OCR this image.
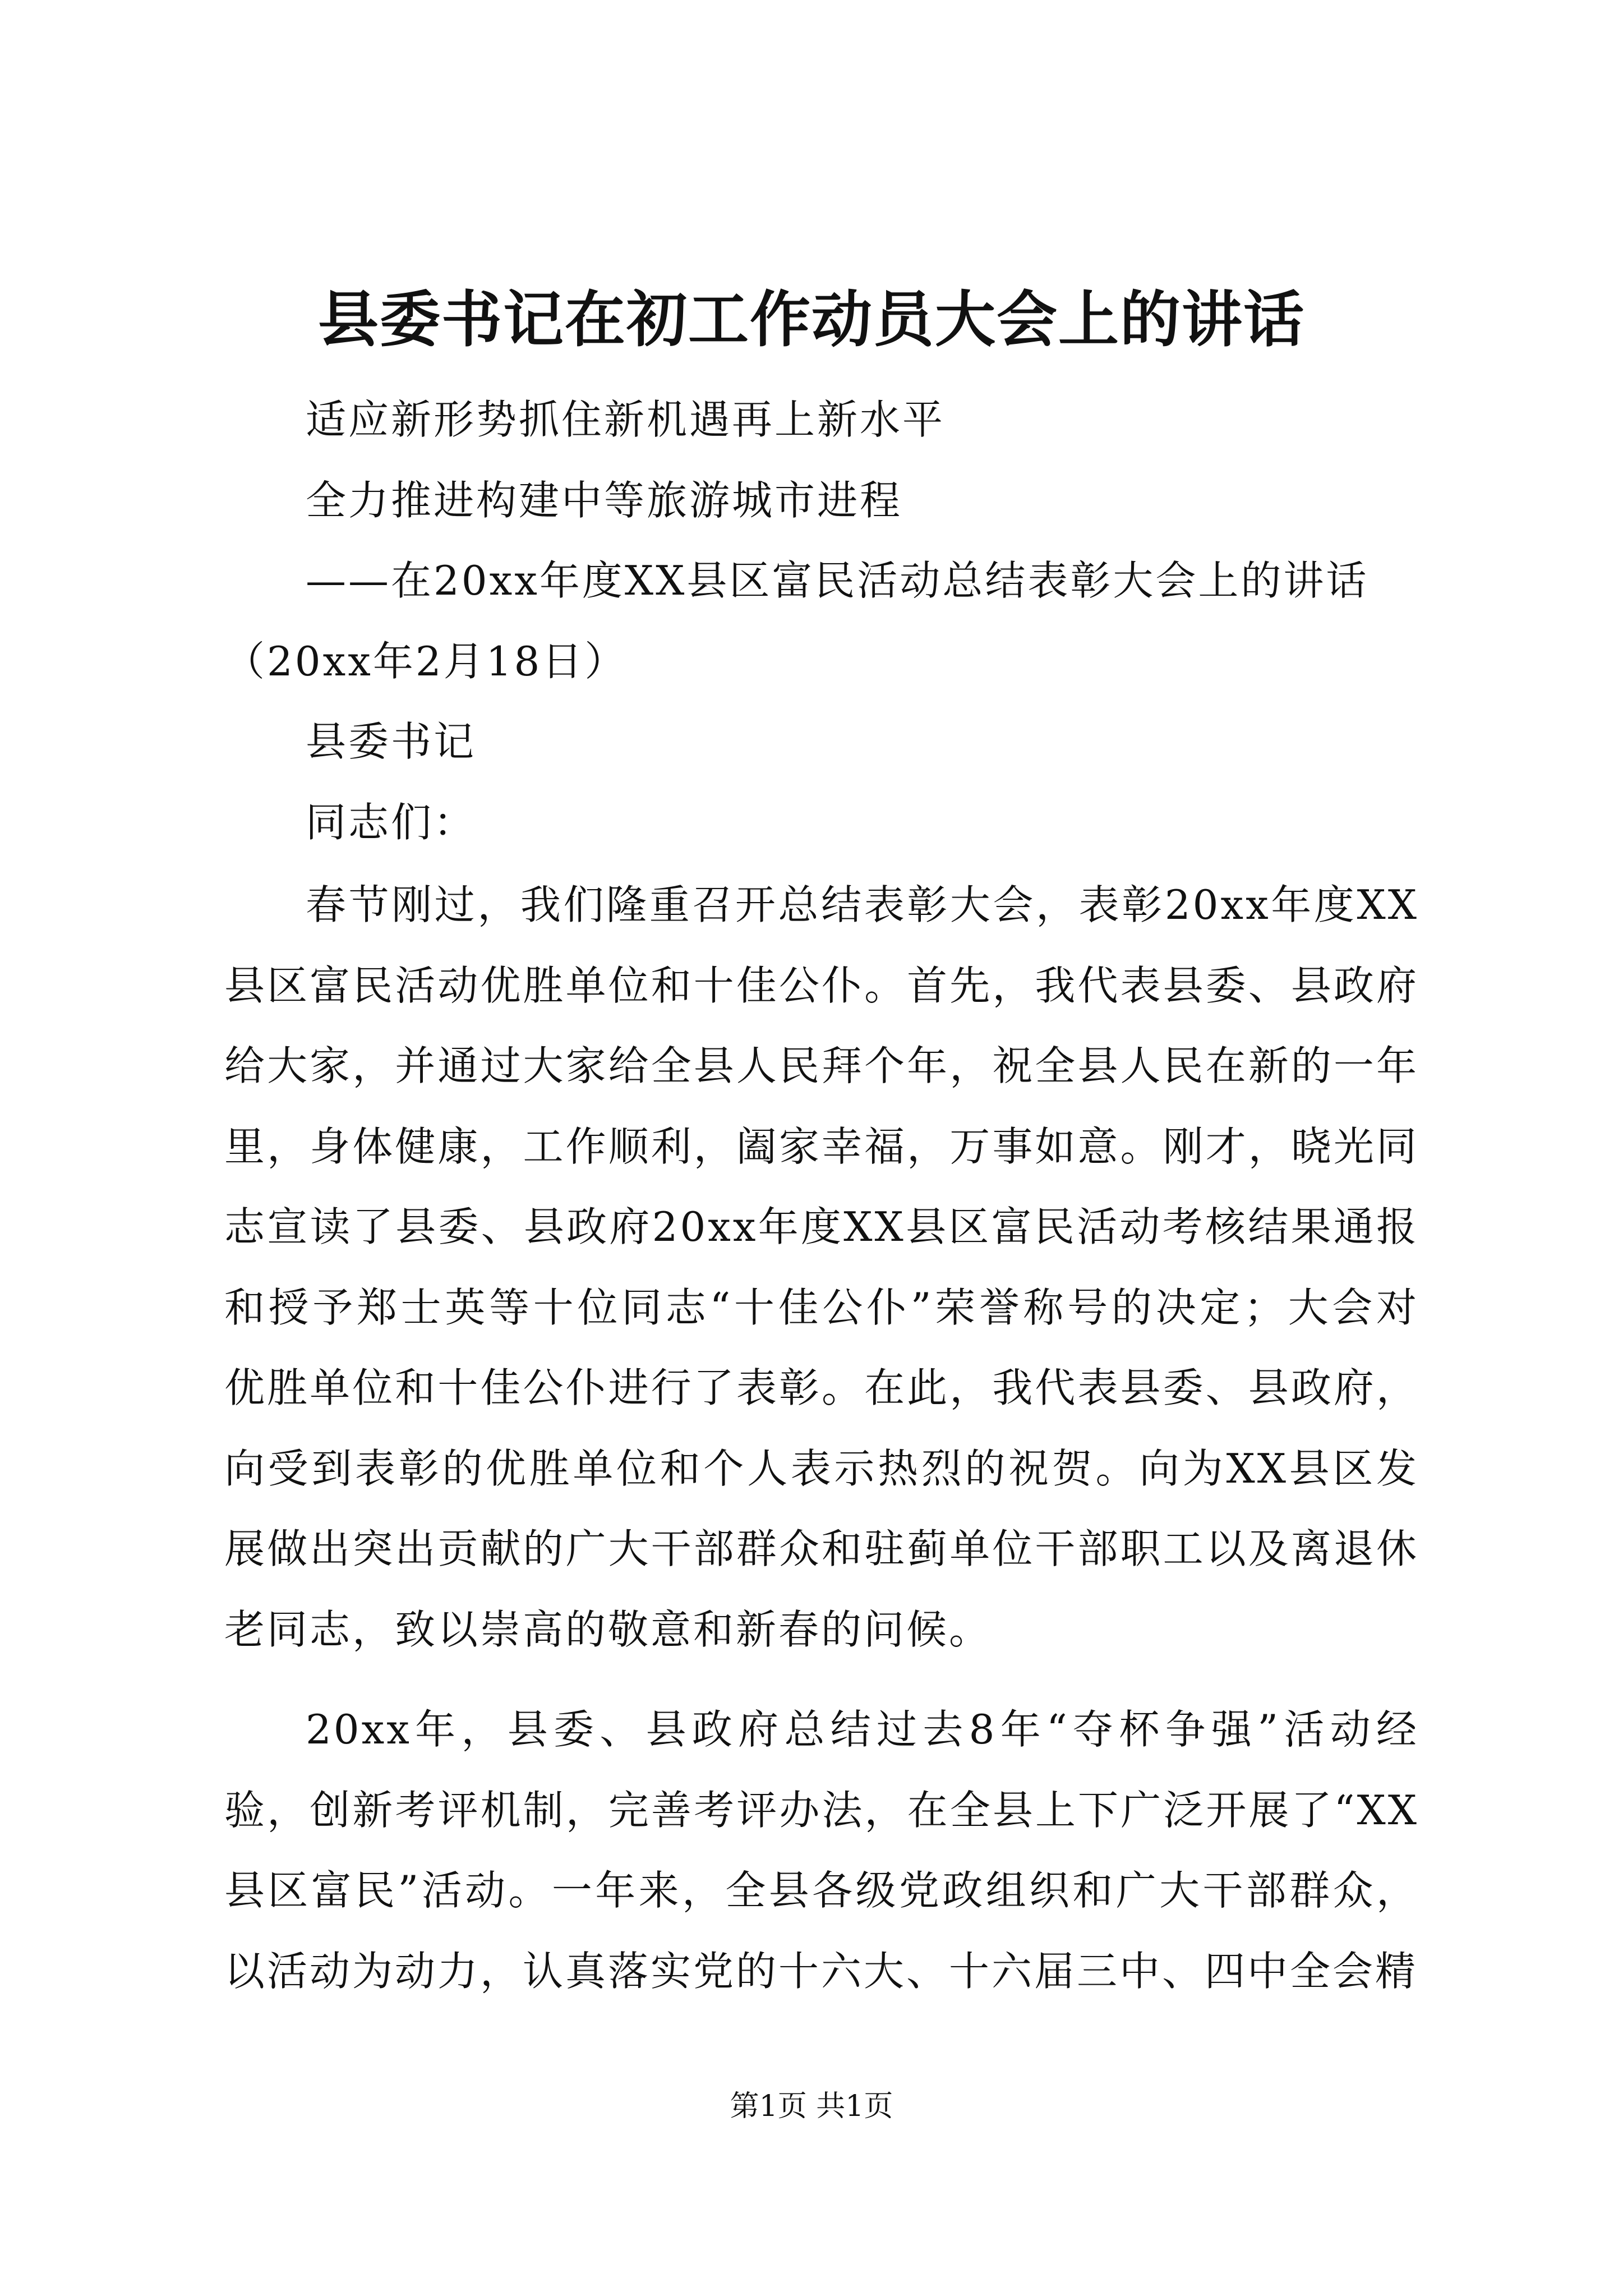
县委书记在初工作动员大会上的讲话
适应新形势抓住新机遇再上新水平
全力推进构建中等旅游城市进程
——在20xx年度XX县区富民活动总结表彰大会上的讲话
（20xx年2月18日）
县委书记
同志们：
春节刚过，我们隆重召开总结表彰大会，表彰20xx年度XX县区富民活动优胜单位和十佳公仆。首先，我代表县委、县政府给大家，并通过大家给全县人民拜个年，祝全县人民在新的一年里，身体健康，工作顺利，阖家幸福，万事如意。刚才，晓光同志宣读了县委、县政府20xx年度XX县区富民活动考核结果通报和授予郑士英等十位同志“十佳公仆”荣誉称号的决定；大会对优胜单位和十佳公仆进行了表彰。在此，我代表县委、县政府，向受到表彰的优胜单位和个人表示热烈的祝贺。向为XX县区发展做出突出贡献的广大干部群众和驻蓟单位干部职工以及离退休老同志，致以崇高的敬意和新春的问候。
20xx年，县委、县政府总结过去8年“夺杯争强”活动经验，创新考评机制，完善考评办法，在全县上下广泛开展了“XX县区富民”活动。一年来，全县各级党政组织和广大干部群众，以活动为动力，认真落实党的十六大、十六届三中、四中全会精
第1页 共1页
